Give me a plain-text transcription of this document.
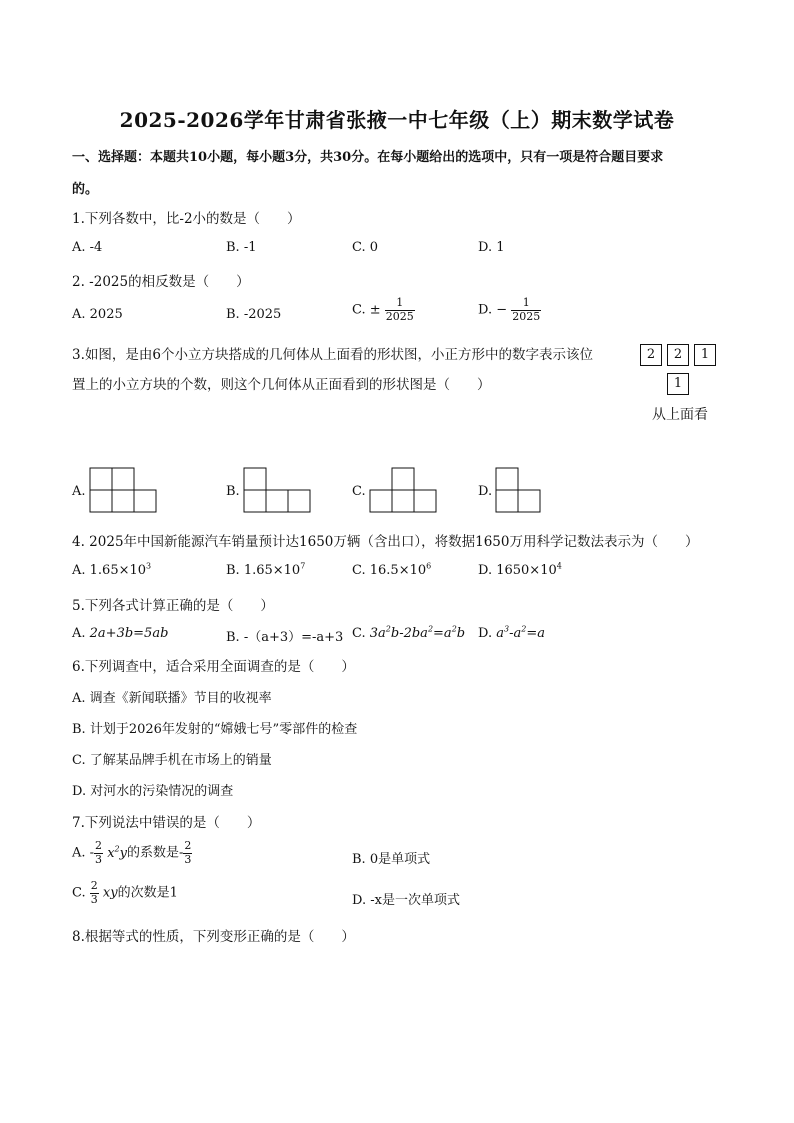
2025-2026学年甘肃省张掖一中七年级（上）期末数学试卷
一、选择题：本题共10小题，每小题3分，共30分。在每小题给出的选项中，只有一项是符合题目要求
的。
1.下列各数中，比-2小的数是（　　）
A. -4	B. -1	C. 0	D. 1
2. -2025的相反数是（　　）
A. 2025	B. -2025	C. ± $\frac{1}{2025}$	D. − $\frac{1}{2025}$
3.如图，是由6个小立方块搭成的几何体从上面看的形状图，小正方形中的数字表示该位
置上的小立方块的个数，则这个几何体从正面看到的形状图是（　　）
2	2	1
1
从上面看
A.	B.	C.	D.
4. 2025年中国新能源汽车销量预计达1650万辆（含出口），将数据1650万用科学记数法表示为（　　）
A. $1.65\times 10^3$	B. $1.65\times 10^7$	C. $16.5\times 10^6$	D. $1650\times 10^4$
5.下列各式计算正确的是（　　）
A. 2a+3b=5ab	B. -（a+3）=-a+3 C. $3a^2b-2ba^2=a^2b$ D. $a^3-a^2=a$
6.下列调查中，适合采用全面调查的是（　　）
A. 调查《新闻联播》节目的收视率
B. 计划于2026年发射的“嫦娥七号”零部件的检查
C. 了解某品牌手机在市场上的销量
D. 对河水的污染情况的调查
7.下列说法中错误的是（　　）
A. - $\frac{2}{3} x^2y$的系数是- $\frac{2}{3}$	B. 0是单项式
C. $\frac{2}{3}$ xy的次数是1	D. -x是一次单项式
8.根据等式的性质，下列变形正确的是（　　）
